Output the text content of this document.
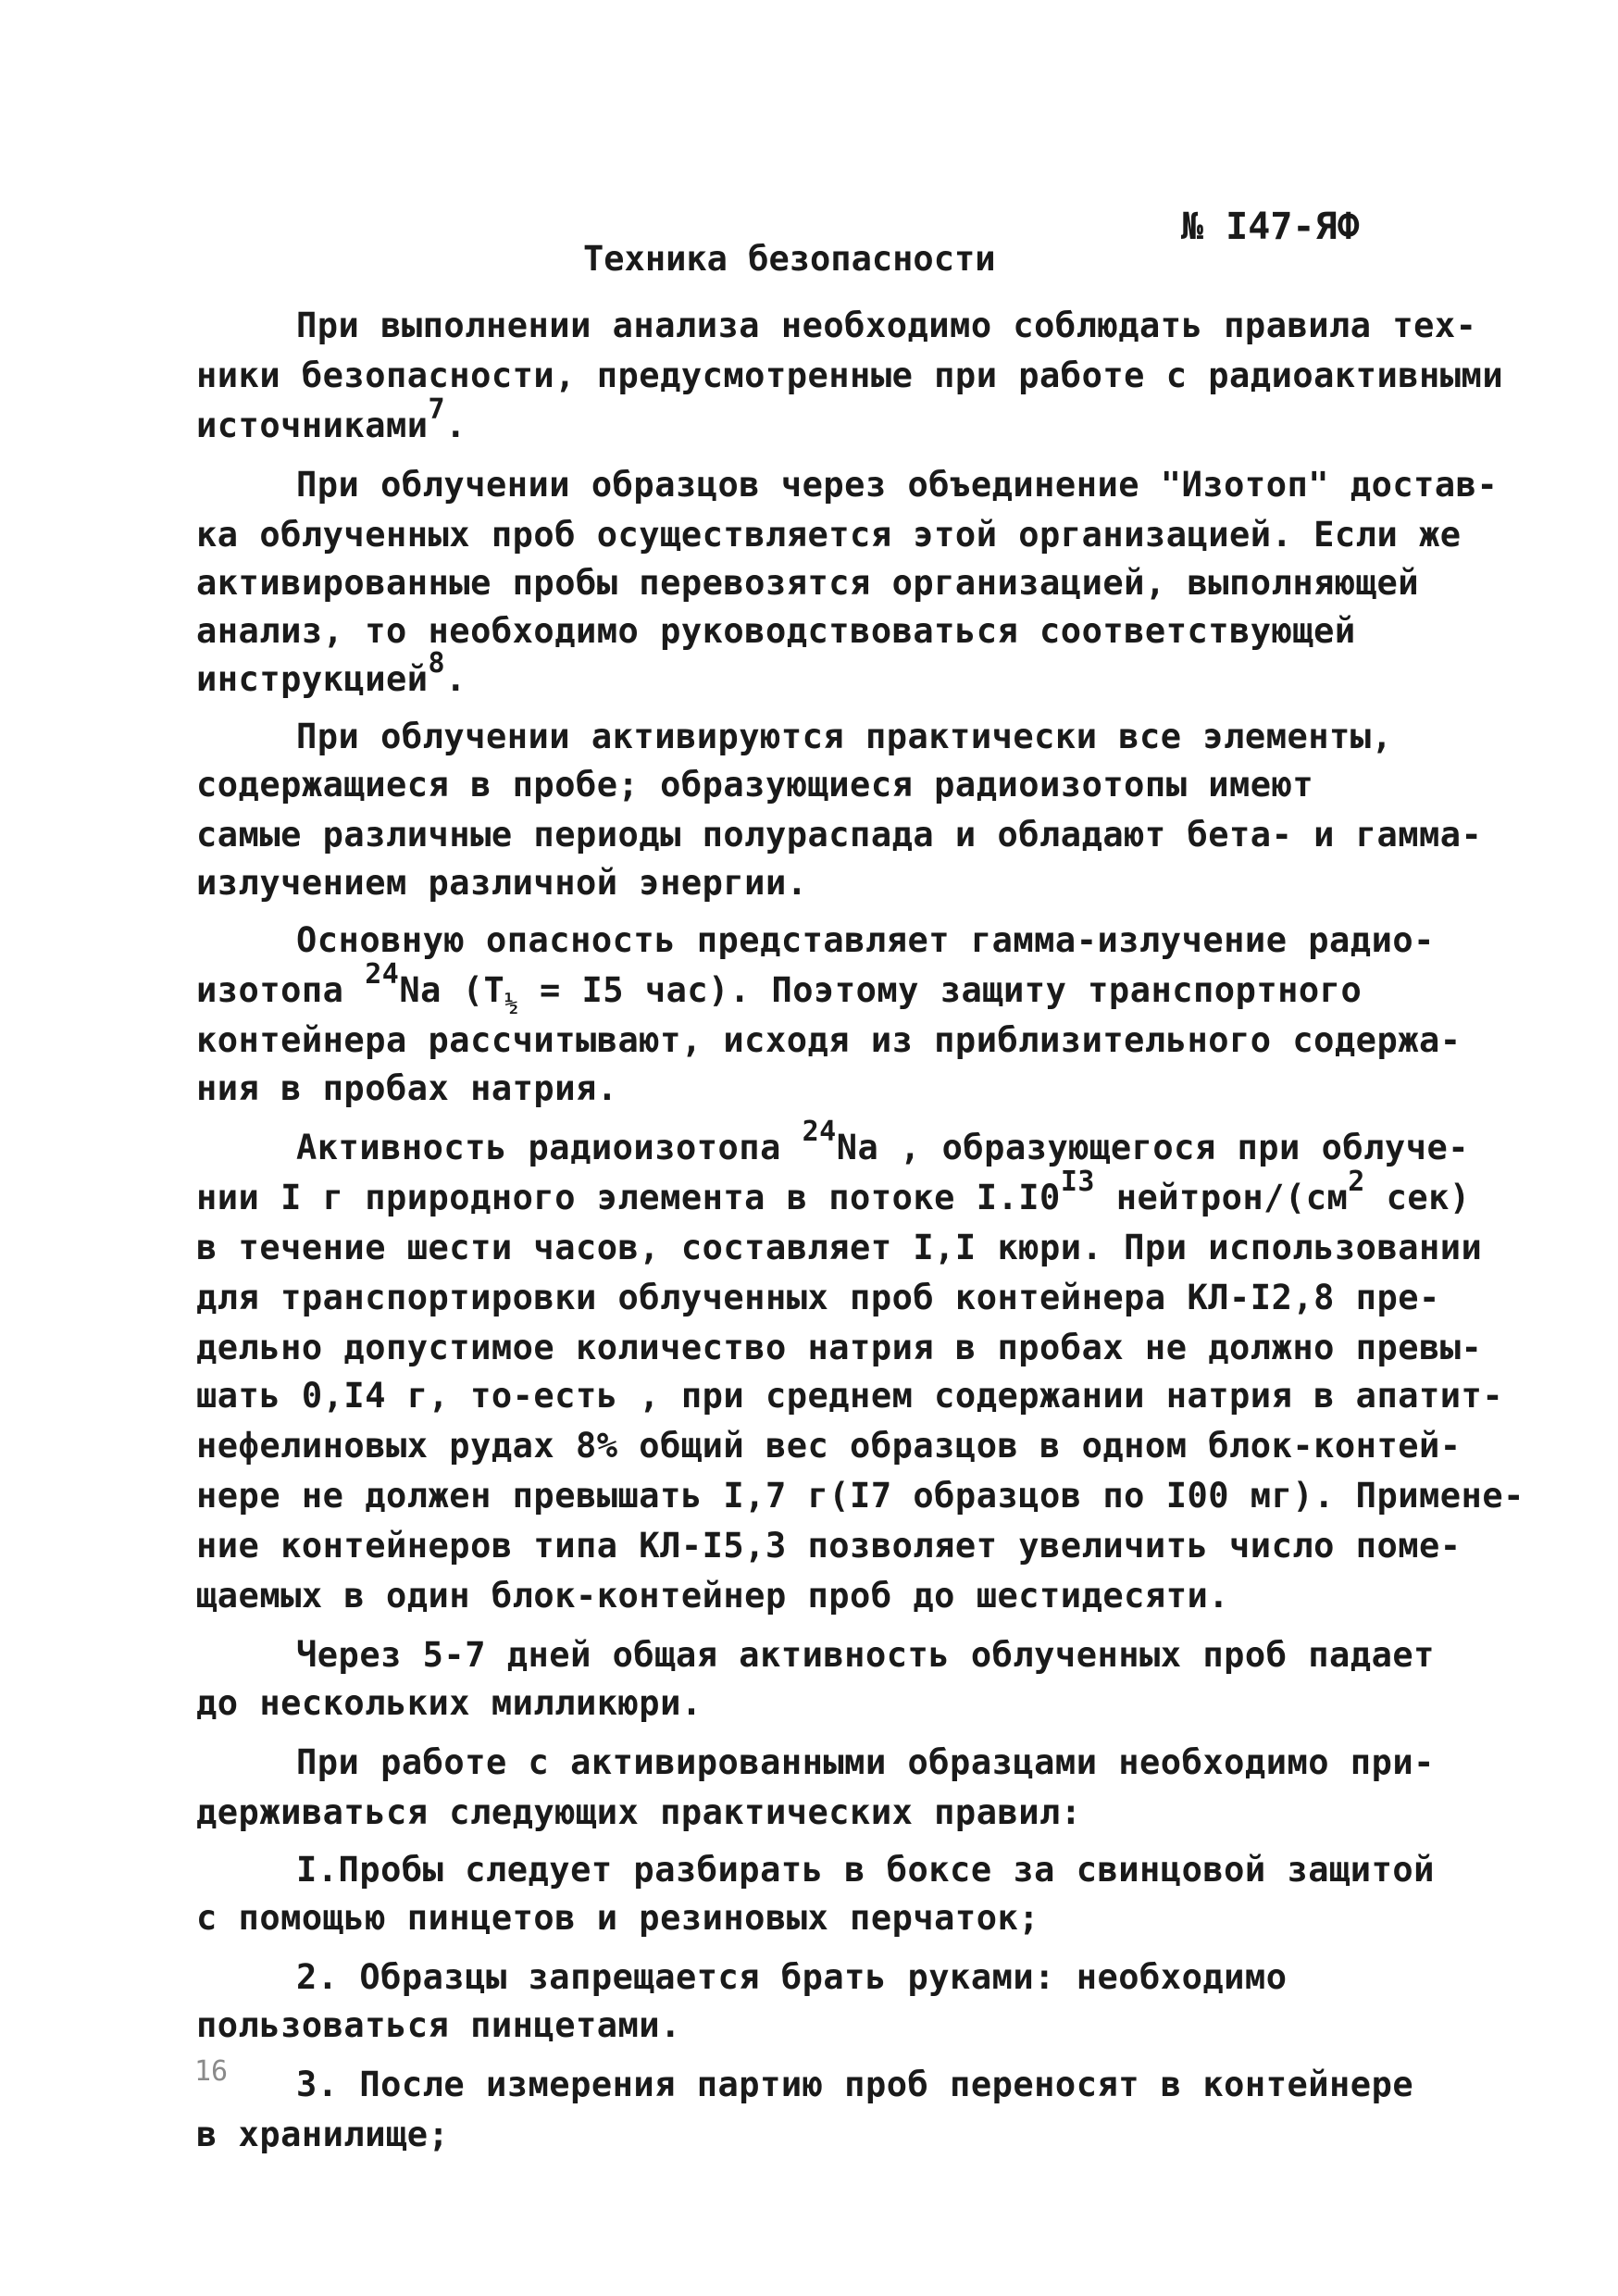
№ I47-ЯФ
Техника безопасности
При выполнении анализа необходимо соблюдать правила тех-
ники безопасности, предусмотренные при работе с радиоактивными
источниками$^7$.
При облучении образцов через объединение "Изотоп" достав-
ка облученных проб осуществляется этой организацией. Если же
активированные пробы перевозятся организацией, выполняющей
анализ, то необходимо руководствоваться соответствующей
инструкцией$^8$.
При облучении активируются практически все элементы,
содержащиеся в пробе; образующиеся радиоизотопы имеют
самые различные периоды полураспада и обладают бета- и гамма-
излучением различной энергии.
Основную опасность представляет гамма-излучение радио-
изотопа $^{24}$Na ($T_{\frac{1}{2}} = I5$ час). Поэтому защиту транспортного
контейнера рассчитывают, исходя из приблизительного содержа-
ния в пробах натрия.
Активность радиоизотопа $^{24}$Na , образующегося при облуче-
нии I г природного элемента в потоке $I.I0^{I3}$ нейтрон/($см^2$ сек)
в течение шести часов, составляет I,I кюри. При использовании
для транспортировки облученных проб контейнера КЛ-I2,8 пре-
дельно допустимое количество натрия в пробах не должно превы-
шать 0,I4 г, то-есть , при среднем содержании натрия в апатит-
нефелиновых рудах 8% общий вес образцов в одном блок-контей-
нере не должен превышать I,7 г(I7 образцов по I00 мг). Примене-
ние контейнеров типа КЛ-I5,3 позволяет увеличить число поме-
щаемых в один блок-контейнер проб до шестидесяти.
Через 5-7 дней общая активность облученных проб падает
до нескольких милликюри.
При работе с активированными образцами необходимо при-
держиваться следующих практических правил:
I.Пробы следует разбирать в боксе за свинцовой защитой
с помощью пинцетов и резиновых перчаток;
2. Образцы запрещается брать руками: необходимо
пользоваться пинцетами.
3. После измерения партию проб переносят в контейнере
в хранилище;
16
